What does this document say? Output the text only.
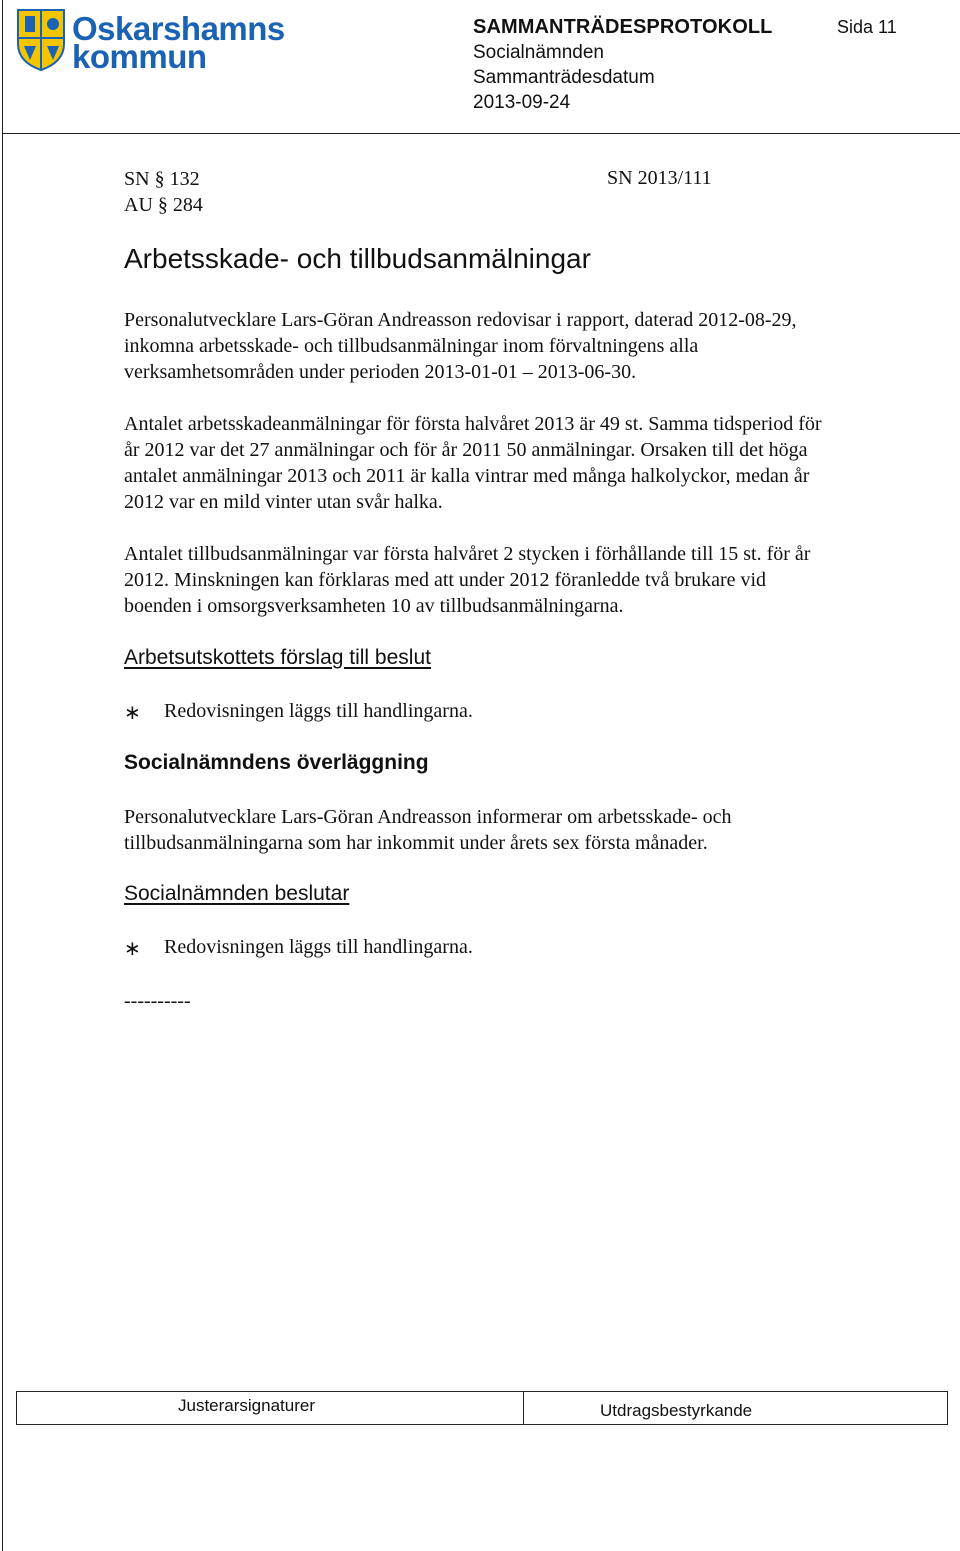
Oskarshamns
kommun
SAMMANTRÄDESPROTOKOLL
Socialnämnden
Sammanträdesdatum
2013-09-24
Sida 11
SN § 132
AU § 284
SN 2013/111
Arbetsskade- och tillbudsanmälningar
Personalutvecklare Lars-Göran Andreasson redovisar i rapport, daterad 2012-08-29,
inkomna arbetsskade- och tillbudsanmälningar inom förvaltningens alla
verksamhetsområden under perioden 2013-01-01 – 2013-06-30.
Antalet arbetsskadeanmälningar för första halvåret 2013 är 49 st. Samma tidsperiod för
år 2012 var det 27 anmälningar och för år 2011 50 anmälningar. Orsaken till det höga
antalet anmälningar 2013 och 2011 är kalla vintrar med många halkolyckor, medan år
2012 var en mild vinter utan svår halka.
Antalet tillbudsanmälningar var första halvåret 2 stycken i förhållande till 15 st. för år
2012. Minskningen kan förklaras med att under 2012 föranledde två brukare vid
boenden i omsorgsverksamheten 10 av tillbudsanmälningarna.
Arbetsutskottets förslag till beslut
∗ Redovisningen läggs till handlingarna.
Socialnämndens överläggning
Personalutvecklare Lars-Göran Andreasson informerar om arbetsskade- och
tillbudsanmälningarna som har inkommit under årets sex första månader.
Socialnämnden beslutar
∗ Redovisningen läggs till handlingarna.
----------
Justerarsignaturer	Utdragsbestyrkande
